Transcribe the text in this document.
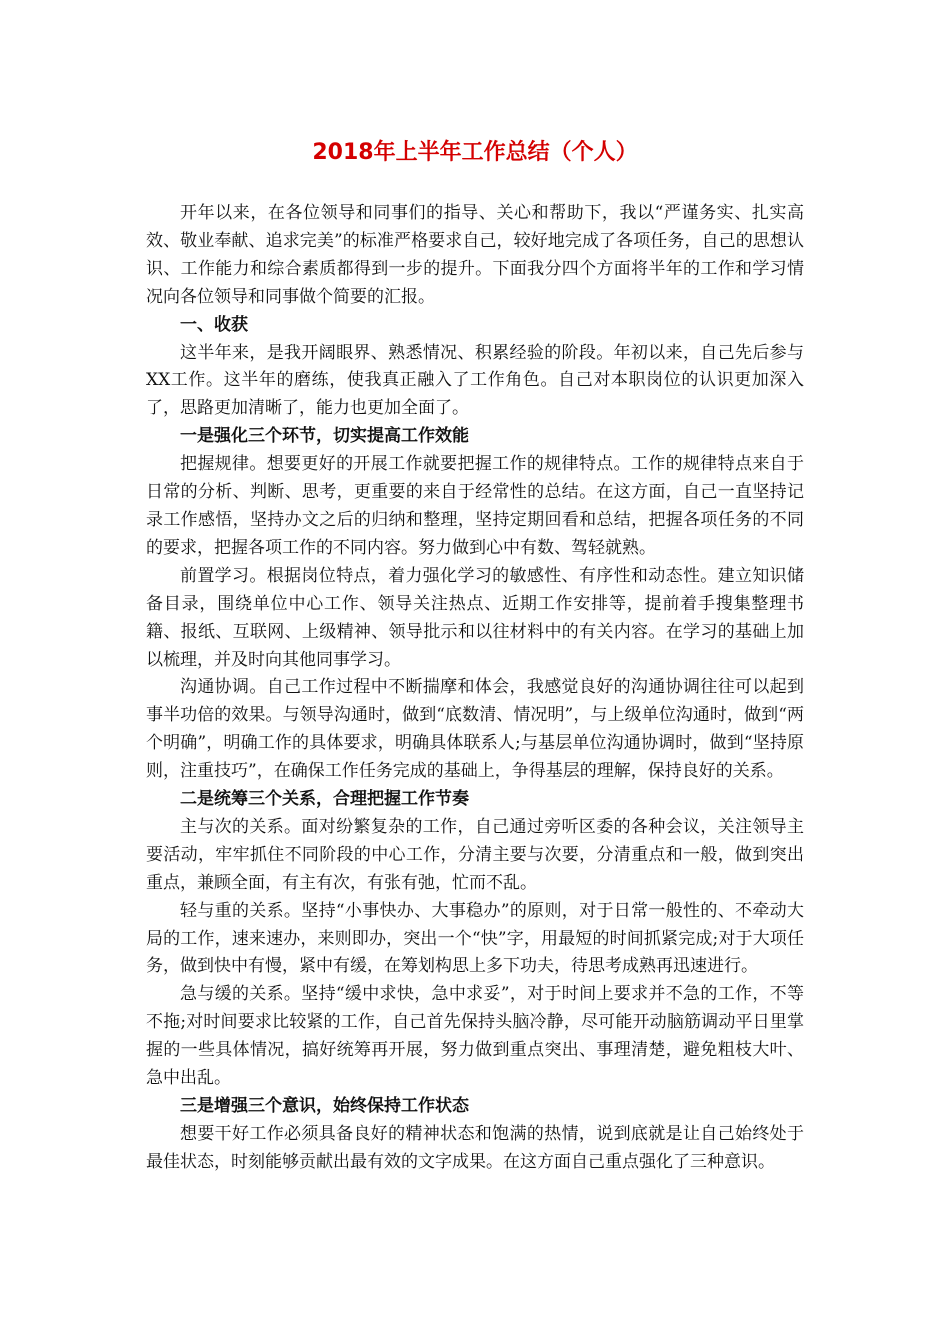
2018年上半年工作总结（个人）

开年以来，在各位领导和同事们的指导、关心和帮助下，我以“严谨务实、扎实高效、敬业奉献、追求完美”的标准严格要求自己，较好地完成了各项任务，自己的思想认识、工作能力和综合素质都得到一步的提升。下面我分四个方面将半年的工作和学习情况向各位领导和同事做个简要的汇报。

一、收获

这半年来，是我开阔眼界、熟悉情况、积累经验的阶段。年初以来，自己先后参与XX工作。这半年的磨练，使我真正融入了工作角色。自己对本职岗位的认识更加深入了，思路更加清晰了，能力也更加全面了。

一是强化三个环节，切实提高工作效能

把握规律。想要更好的开展工作就要把握工作的规律特点。工作的规律特点来自于日常的分析、判断、思考，更重要的来自于经常性的总结。在这方面，自己一直坚持记录工作感悟，坚持办文之后的归纳和整理，坚持定期回看和总结，把握各项任务的不同的要求，把握各项工作的不同内容。努力做到心中有数、驾轻就熟。

前置学习。根据岗位特点，着力强化学习的敏感性、有序性和动态性。建立知识储备目录，围绕单位中心工作、领导关注热点、近期工作安排等，提前着手搜集整理书籍、报纸、互联网、上级精神、领导批示和以往材料中的有关内容。在学习的基础上加以梳理，并及时向其他同事学习。

沟通协调。自己工作过程中不断揣摩和体会，我感觉良好的沟通协调往往可以起到事半功倍的效果。与领导沟通时，做到“底数清、情况明”，与上级单位沟通时，做到“两个明确”，明确工作的具体要求，明确具体联系人;与基层单位沟通协调时，做到“坚持原则，注重技巧”，在确保工作任务完成的基础上，争得基层的理解，保持良好的关系。

二是统筹三个关系，合理把握工作节奏

主与次的关系。面对纷繁复杂的工作，自己通过旁听区委的各种会议，关注领导主要活动，牢牢抓住不同阶段的中心工作，分清主要与次要，分清重点和一般，做到突出重点，兼顾全面，有主有次，有张有弛，忙而不乱。

轻与重的关系。坚持“小事快办、大事稳办”的原则，对于日常一般性的、不牵动大局的工作，速来速办，来则即办，突出一个“快”字，用最短的时间抓紧完成;对于大项任务，做到快中有慢，紧中有缓，在筹划构思上多下功夫，待思考成熟再迅速进行。

急与缓的关系。坚持“缓中求快，急中求妥”，对于时间上要求并不急的工作，不等不拖;对时间要求比较紧的工作，自己首先保持头脑冷静，尽可能开动脑筋调动平日里掌握的一些具体情况，搞好统筹再开展，努力做到重点突出、事理清楚，避免粗枝大叶、急中出乱。

三是增强三个意识，始终保持工作状态

想要干好工作必须具备良好的精神状态和饱满的热情，说到底就是让自己始终处于最佳状态，时刻能够贡献出最有效的文字成果。在这方面自己重点强化了三种意识。
